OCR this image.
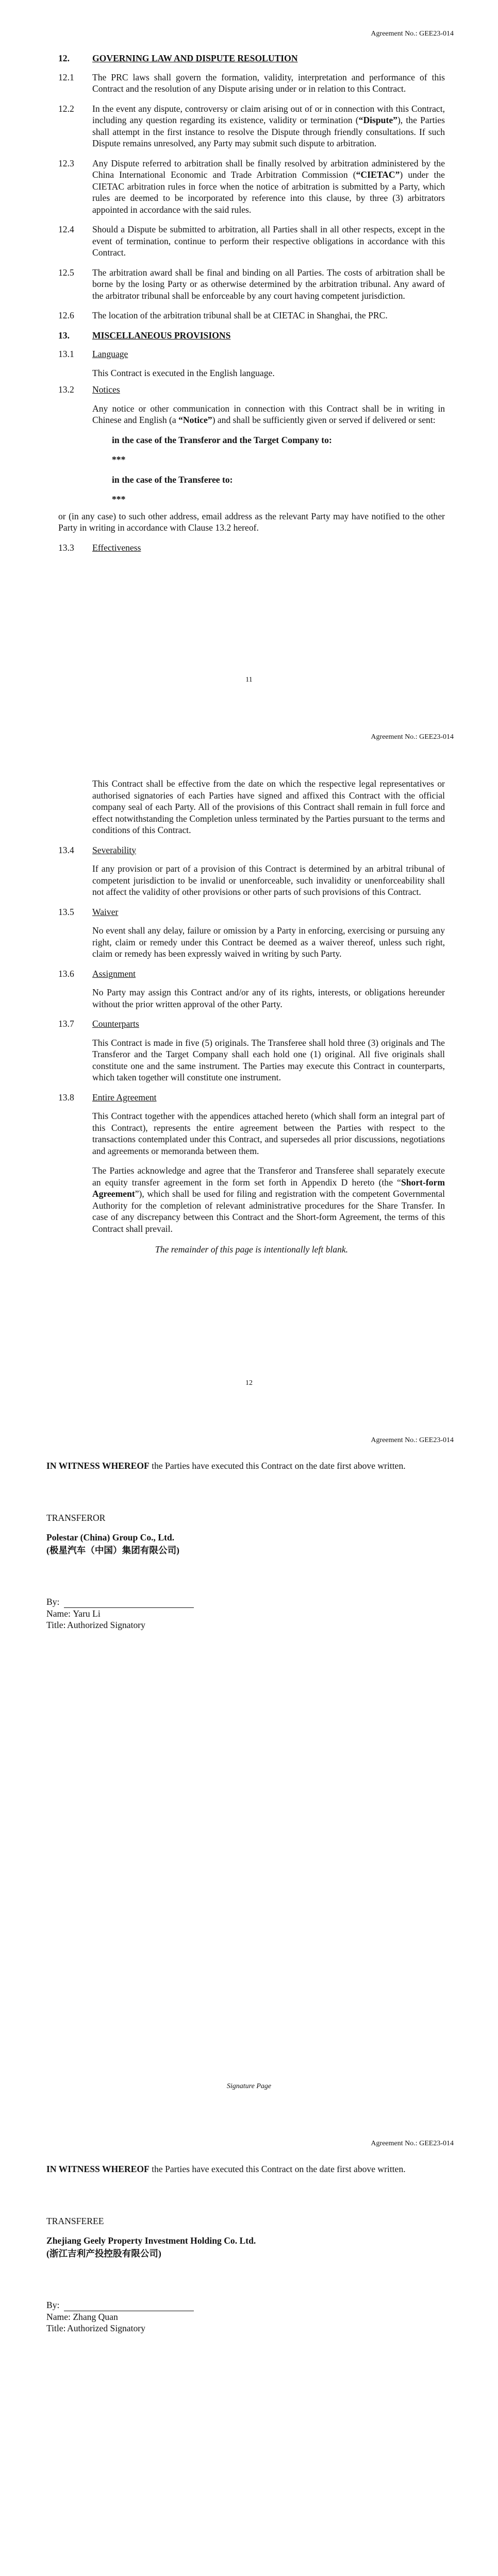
Agreement No.: GEE23-014
12.	GOVERNING LAW AND DISPUTE RESOLUTION
12.1 The PRC laws shall govern the formation, validity, interpretation and performance of this Contract and the resolution of any Dispute arising under or in relation to this Contract.

12.2 In the event any dispute, controversy or claim arising out of or in connection with this Contract, including any question regarding its existence, validity or termination (“Dispute”), the Parties shall attempt in the first instance to resolve the Dispute through friendly consultations. If such Dispute remains unresolved, any Party may submit such dispute to arbitration.

12.3 Any Dispute referred to arbitration shall be finally resolved by arbitration administered by the China International Economic and Trade Arbitration Commission (“CIETAC”) under the CIETAC arbitration rules in force when the notice of arbitration is submitted by a Party, which rules are deemed to be incorporated by reference into this clause, by three (3) arbitrators appointed in accordance with the said rules.

12.4 Should a Dispute be submitted to arbitration, all Parties shall in all other respects, except in the event of termination, continue to perform their respective obligations in accordance with this Contract.

12.5 The arbitration award shall be final and binding on all Parties. The costs of arbitration shall be borne by the losing Party or as otherwise determined by the arbitration tribunal. Any award of the arbitrator tribunal shall be enforceable by any court having competent jurisdiction.

12.6 The location of the arbitration tribunal shall be at CIETAC in Shanghai, the PRC.

13.	MISCELLANEOUS PROVISIONS
13.1 Language

This Contract is executed in the English language.

13.2 Notices

Any notice or other communication in connection with this Contract shall be in writing in Chinese and English (a “Notice”) and shall be sufficiently given or served if delivered or sent:

in the case of the Transferor and the Target Company to:

***

in the case of the Transferee to:

***

or (in any case) to such other address, email address as the relevant Party may have notified to the other Party in writing in accordance with Clause 13.2 hereof.

13.3 Effectiveness

11
Agreement No.: GEE23-014

This Contract shall be effective from the date on which the respective legal representatives or authorised signatories of each Parties have signed and affixed this Contract with the official company seal of each Party. All of the provisions of this Contract shall remain in full force and effect notwithstanding the Completion unless terminated by the Parties pursuant to the terms and conditions of this Contract.

13.4 Severability

If any provision or part of a provision of this Contract is determined by an arbitral tribunal of competent jurisdiction to be invalid or unenforceable, such invalidity or unenforceability shall not affect the validity of other provisions or other parts of such provisions of this Contract.

13.5 Waiver

No event shall any delay, failure or omission by a Party in enforcing, exercising or pursuing any right, claim or remedy under this Contract be deemed as a waiver thereof, unless such right, claim or remedy has been expressly waived in writing by such Party.

13.6 Assignment

No Party may assign this Contract and/or any of its rights, interests, or obligations hereunder without the prior written approval of the other Party.

13.7 Counterparts

This Contract is made in five (5) originals. The Transferee shall hold three (3) originals and The Transferor and the Target Company shall each hold one (1) original. All five originals shall constitute one and the same instrument. The Parties may execute this Contract in counterparts, which taken together will constitute one instrument.

13.8 Entire Agreement

This Contract together with the appendices attached hereto (which shall form an integral part of this Contract), represents the entire agreement between the Parties with respect to the transactions contemplated under this Contract, and supersedes all prior discussions, negotiations and agreements or memoranda between them.

The Parties acknowledge and agree that the Transferor and Transferee shall separately execute an equity transfer agreement in the form set forth in Appendix D hereto (the “Short-form Agreement”), which shall be used for filing and registration with the competent Governmental Authority for the completion of relevant administrative procedures for the Share Transfer. In case of any discrepancy between this Contract and the Short-form Agreement, the terms of this Contract shall prevail.

The remainder of this page is intentionally left blank.

12
Agreement No.: GEE23-014

IN WITNESS WHEREOF the Parties have executed this Contract on the date first above written.

TRANSFEROR

Polestar (China) Group Co., Ltd.

(极星汽车（中国）集团有限公司)

By:
Name: Yaru Li
Title: Authorized Signatory
Signature Page
Agreement No.: GEE23-014

IN WITNESS WHEREOF the Parties have executed this Contract on the date first above written.

TRANSFEREE

Zhejiang Geely Property Investment Holding Co. Ltd.

(浙江吉利产投控股有限公司)

By:
Name: Zhang Quan
Title: Authorized Signatory
